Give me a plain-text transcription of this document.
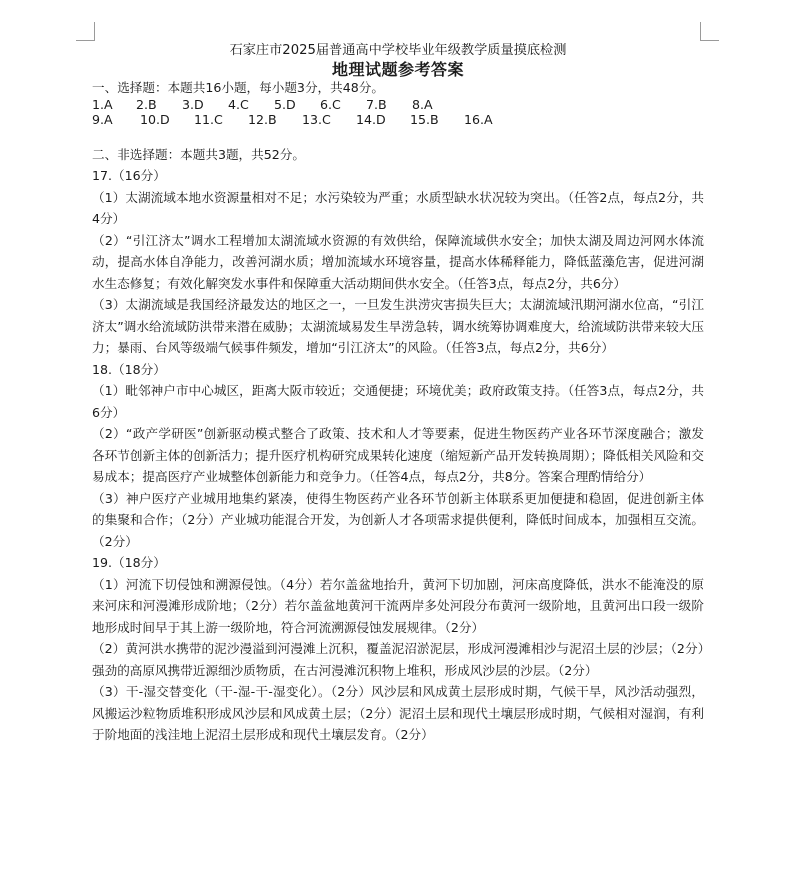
石家庄市2025届普通高中学校毕业年级教学质量摸底检测
地理试题参考答案
一、选择题：本题共16小题，每小题3分，共48分。
1.A	2.B	3.D	4.C	5.D	6.C	7.B	8.A
9.A	10.D	11.C	12.B	13.C	14.D	15.B	16.A
二、非选择题：本题共3题，共52分。
17.（16分）
（1）太湖流域本地水资源量相对不足；水污染较为严重；水质型缺水状况较为突出。（任答2点，每点2分，共4分）
（2）“引江济太”调水工程增加太湖流域水资源的有效供给，保障流域供水安全；加快太湖及周边河网水体流动，提高水体自净能力，改善河湖水质；增加流域水环境容量，提高水体稀释能力，降低蓝藻危害，促进河湖水生态修复；有效化解突发水事件和保障重大活动期间供水安全。（任答3点，每点2分，共6分）
（3）太湖流域是我国经济最发达的地区之一，一旦发生洪涝灾害损失巨大；太湖流域汛期河湖水位高，“引江济太”调水给流域防洪带来潜在威胁；太湖流域易发生旱涝急转，调水统筹协调难度大，给流域防洪带来较大压力；暴雨、台风等级端气候事件频发，增加“引江济太”的风险。（任答3点，每点2分，共6分）
18.（18分）
（1）毗邻神户市中心城区，距离大阪市较近；交通便捷；环境优美；政府政策支持。（任答3点，每点2分，共6分）
（2）“政产学研医”创新驱动模式整合了政策、技术和人才等要素，促进生物医药产业各环节深度融合；激发各环节创新主体的创新活力；提升医疗机构研究成果转化速度（缩短新产品开发转换周期）；降低相关风险和交易成本；提高医疗产业城整体创新能力和竞争力。（任答4点，每点2分，共8分。答案合理酌情给分）
（3）神户医疗产业城用地集约紧凑，使得生物医药产业各环节创新主体联系更加便捷和稳固，促进创新主体的集聚和合作；（2分）产业城功能混合开发，为创新人才各项需求提供便利，降低时间成本，加强相互交流。（2分）
19.（18分）
（1）河流下切侵蚀和溯源侵蚀。（4分）若尔盖盆地抬升，黄河下切加剧，河床高度降低，洪水不能淹没的原来河床和河漫滩形成阶地；（2分）若尔盖盆地黄河干流两岸多处河段分布黄河一级阶地，且黄河出口段一级阶地形成时间早于其上游一级阶地，符合河流溯源侵蚀发展规律。（2分）
（2）黄河洪水携带的泥沙漫溢到河漫滩上沉积，覆盖泥沼淤泥层，形成河漫滩相沙与泥沼土层的沙层；（2分）强劲的高原风携带近源细沙质物质，在古河漫滩沉积物上堆积，形成风沙层的沙层。（2分）
（3）干-湿交替变化（干-湿-干-湿变化）。（2分）风沙层和风成黄土层形成时期，气候干旱，风沙活动强烈，风搬运沙粒物质堆积形成风沙层和风成黄土层；（2分）泥沼土层和现代土壤层形成时期，气候相对湿润，有利于阶地面的浅洼地上泥沼土层形成和现代土壤层发育。（2分）
